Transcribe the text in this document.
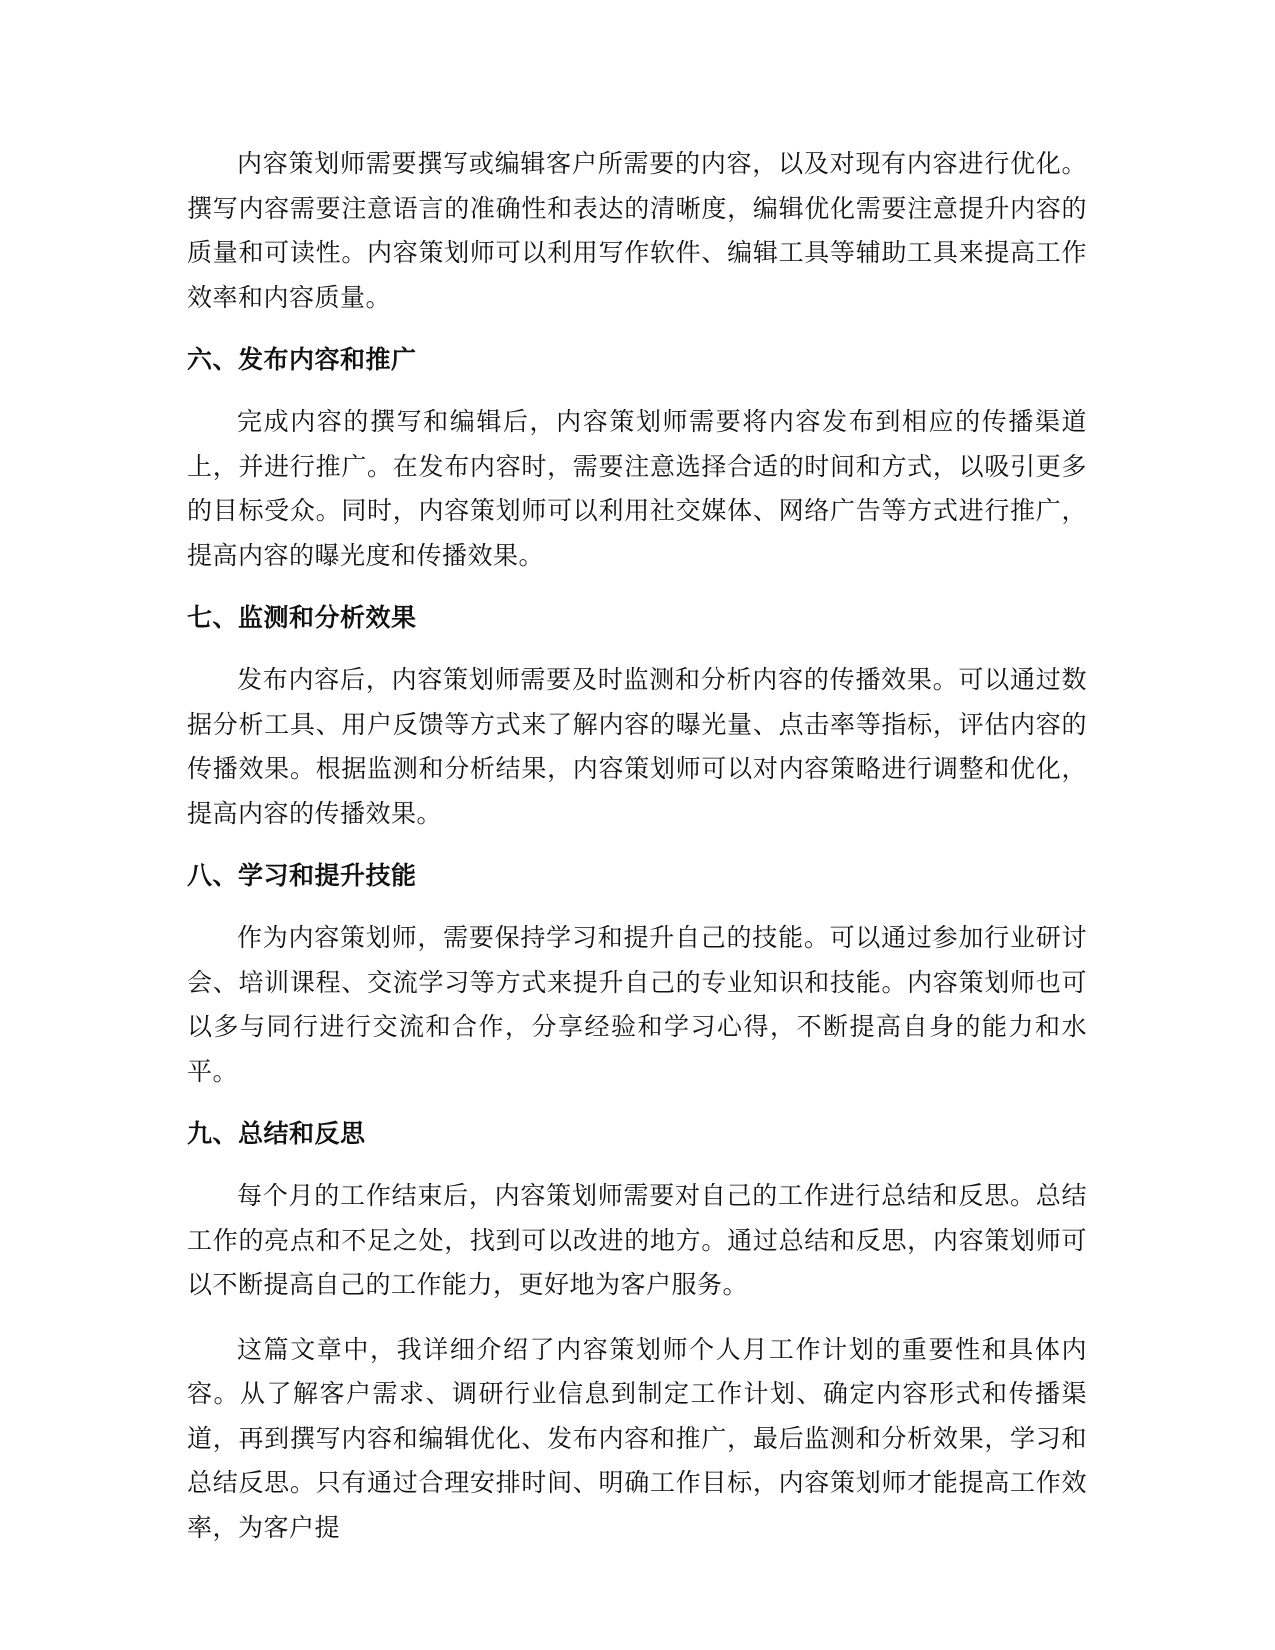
内容策划师需要撰写或编辑客户所需要的内容，以及对现有内容进行优化。撰写内容需要注意语言的准确性和表达的清晰度，编辑优化需要注意提升内容的质量和可读性。内容策划师可以利用写作软件、编辑工具等辅助工具来提高工作效率和内容质量。

六、发布内容和推广

完成内容的撰写和编辑后，内容策划师需要将内容发布到相应的传播渠道上，并进行推广。在发布内容时，需要注意选择合适的时间和方式，以吸引更多的目标受众。同时，内容策划师可以利用社交媒体、网络广告等方式进行推广，提高内容的曝光度和传播效果。

七、监测和分析效果

发布内容后，内容策划师需要及时监测和分析内容的传播效果。可以通过数据分析工具、用户反馈等方式来了解内容的曝光量、点击率等指标，评估内容的传播效果。根据监测和分析结果，内容策划师可以对内容策略进行调整和优化，提高内容的传播效果。

八、学习和提升技能

作为内容策划师，需要保持学习和提升自己的技能。可以通过参加行业研讨会、培训课程、交流学习等方式来提升自己的专业知识和技能。内容策划师也可以多与同行进行交流和合作，分享经验和学习心得，不断提高自身的能力和水平。

九、总结和反思

每个月的工作结束后，内容策划师需要对自己的工作进行总结和反思。总结工作的亮点和不足之处，找到可以改进的地方。通过总结和反思，内容策划师可以不断提高自己的工作能力，更好地为客户服务。

这篇文章中，我详细介绍了内容策划师个人月工作计划的重要性和具体内容。从了解客户需求、调研行业信息到制定工作计划、确定内容形式和传播渠道，再到撰写内容和编辑优化、发布内容和推广，最后监测和分析效果，学习和总结反思。只有通过合理安排时间、明确工作目标，内容策划师才能提高工作效率，为客户提
